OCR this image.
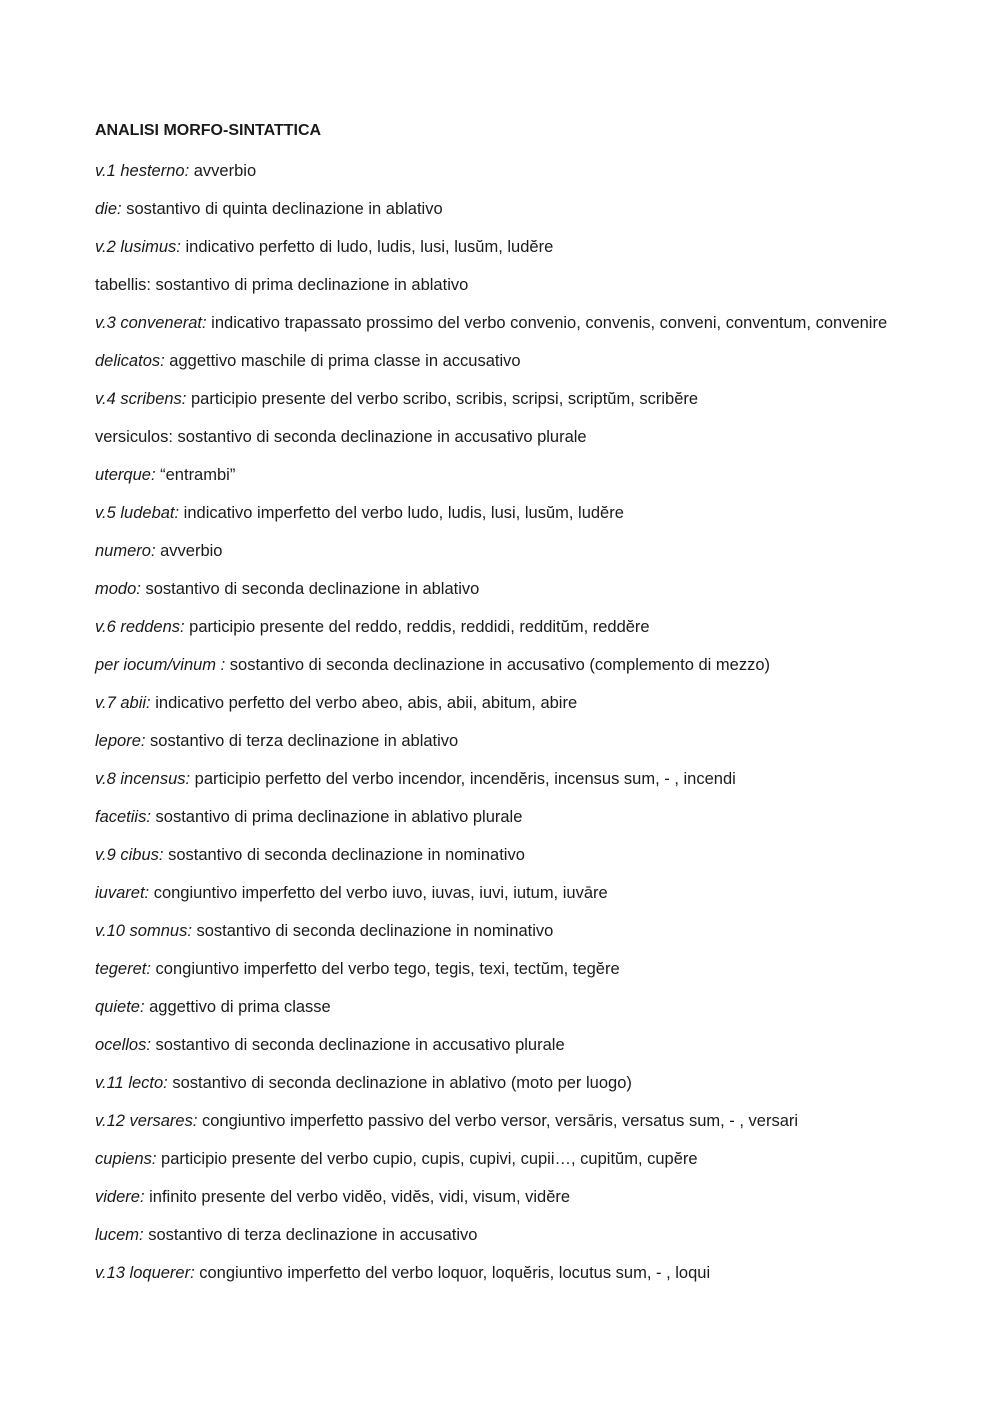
ANALISI MORFO-SINTATTICA
v.1 hesterno: avverbio
die: sostantivo di quinta declinazione in ablativo
v.2 lusimus: indicativo perfetto di ludo, ludis, lusi, lusŭm, ludĕre
tabellis: sostantivo di prima declinazione in ablativo
v.3 convenerat: indicativo trapassato prossimo del verbo convenio, convenis, conveni, conventum, convenire
delicatos: aggettivo maschile di prima classe in accusativo
v.4 scribens: participio presente del verbo scribo, scribis, scripsi, scriptŭm, scribĕre
versiculos: sostantivo di seconda declinazione in accusativo plurale
uterque: “entrambi”
v.5 ludebat: indicativo imperfetto del verbo ludo, ludis, lusi, lusŭm, ludĕre
numero: avverbio
modo: sostantivo di seconda declinazione in ablativo
v.6 reddens: participio presente del reddo, reddis, reddidi, redditŭm, reddĕre
per iocum/vinum : sostantivo di seconda declinazione in accusativo (complemento di mezzo)
v.7 abii: indicativo perfetto del verbo abeo, abis, abii, abitum, abire
lepore: sostantivo di terza declinazione in ablativo
v.8 incensus: participio perfetto del verbo incendor, incendĕris, incensus sum, - , incendi
facetiis: sostantivo di prima declinazione in ablativo plurale
v.9 cibus: sostantivo di seconda declinazione in nominativo
iuvaret: congiuntivo imperfetto del verbo iuvo, iuvas, iuvi, iutum, iuvāre
v.10 somnus: sostantivo di seconda declinazione in nominativo
tegeret: congiuntivo imperfetto del verbo tego, tegis, texi, tectŭm, tegĕre
quiete: aggettivo di prima classe
ocellos: sostantivo di seconda declinazione in accusativo plurale
v.11 lecto: sostantivo di seconda declinazione in ablativo (moto per luogo)
v.12 versares: congiuntivo imperfetto passivo del verbo versor, versāris, versatus sum, - , versari
cupiens: participio presente del verbo cupio, cupis, cupivi, cupii…, cupitŭm, cupĕre
videre: infinito presente del verbo vidĕo, vidĕs, vidi, visum, vidĕre
lucem: sostantivo di terza declinazione in accusativo
v.13 loquerer: congiuntivo imperfetto del verbo loquor, loquĕris, locutus sum, - , loqui
